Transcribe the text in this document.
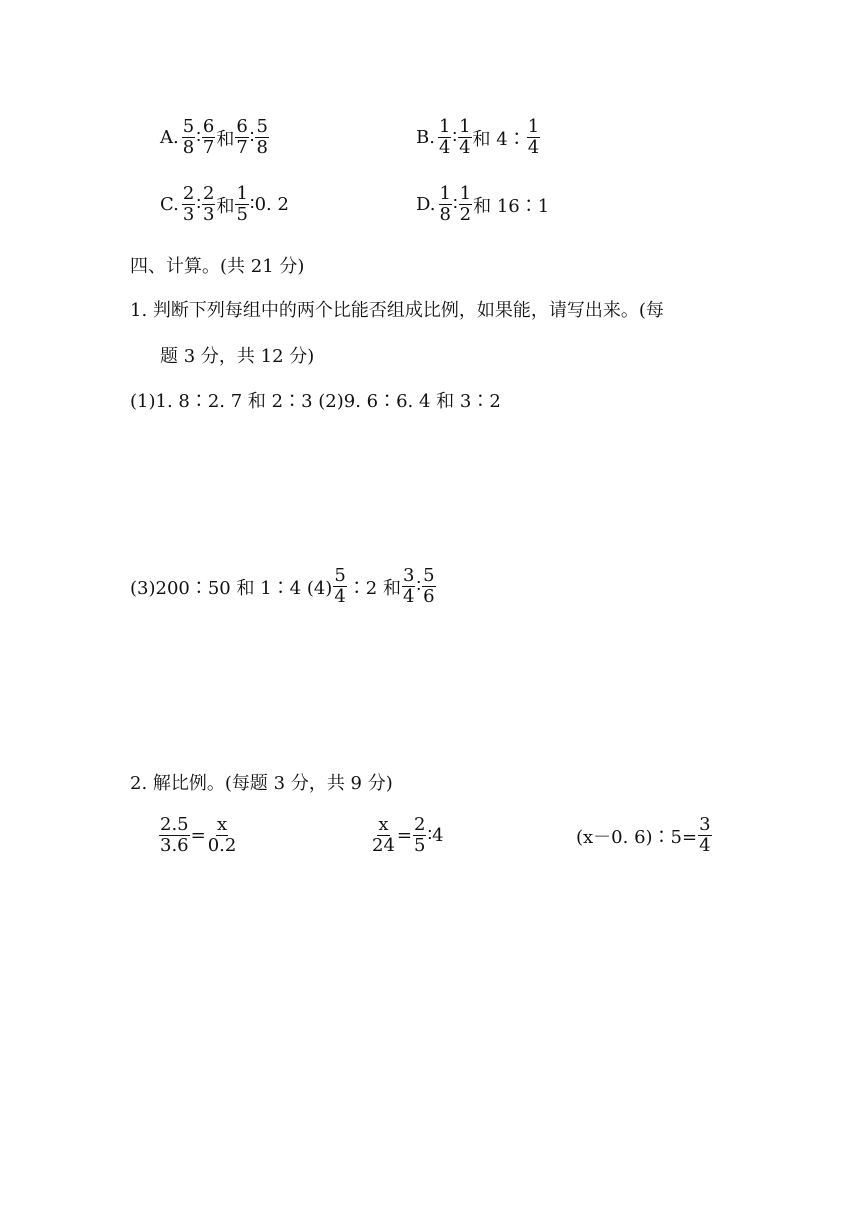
A. $\frac{5}{8}$ ∶ $\frac{6}{7}$ 和 $\frac{6}{7}$ ∶ $\frac{5}{8}$	B. $\frac{1}{4}$ ∶ $\frac{1}{4}$ 和 4∶ $\frac{1}{4}$
C. $\frac{2}{3}$ ∶ $\frac{2}{3}$ 和 $\frac{1}{5}$ ∶0. 2	D. $\frac{1}{8}$ ∶ $\frac{1}{2}$ 和 16∶1
四、计算。(共 21 分)
1. 判断下列每组中的两个比能否组成比例，如果能，请写出来。(每
题 3 分，共 12 分)
(1)1. 8∶2. 7 和 2∶3 (2)9. 6∶6. 4 和 3∶2
(3)200∶50 和 1∶4 $(4) \frac{5}{4}$ ∶2 和 $\frac{3}{4}$ ∶ $\frac{5}{6}$
2. 解比例。(每题 3 分，共 9 分)
$\frac{2.5}{3.6} = \frac{x}{0.2}$	$\frac{x}{24} = \frac{2}{5}$ ∶4	(x－0. 6)∶5= $\frac{3}{4}$
